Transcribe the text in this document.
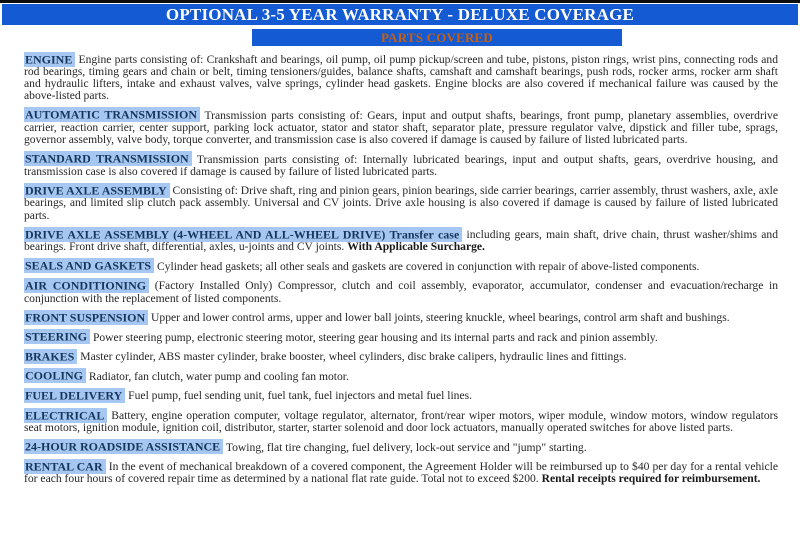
OPTIONAL 3-5 YEAR WARRANTY - DELUXE COVERAGE
PARTS COVERED

ENGINE Engine parts consisting of: Crankshaft and bearings, oil pump, oil pump pickup/screen and tube, pistons, piston rings, wrist pins, connecting rods and rod bearings, timing gears and chain or belt, timing tensioners/guides, balance shafts, camshaft and camshaft bearings, push rods, rocker arms, rocker arm shaft and hydraulic lifters, intake and exhaust valves, valve springs, cylinder head gaskets. Engine blocks are also covered if mechanical failure was caused by the above-listed parts.

AUTOMATIC TRANSMISSION Transmission parts consisting of: Gears, input and output shafts, bearings, front pump, planetary assemblies, overdrive carrier, reaction carrier, center support, parking lock actuator, stator and stator shaft, separator plate, pressure regulator valve, dipstick and filler tube, sprags, governor assembly, valve body, torque converter, and transmission case is also covered if damage is caused by failure of listed lubricated parts.

STANDARD TRANSMISSION Transmission parts consisting of: Internally lubricated bearings, input and output shafts, gears, overdrive housing, and transmission case is also covered if damage is caused by failure of listed lubricated parts.

DRIVE AXLE ASSEMBLY Consisting of: Drive shaft, ring and pinion gears, pinion bearings, side carrier bearings, carrier assembly, thrust washers, axle, axle bearings, and limited slip clutch pack assembly. Universal and CV joints. Drive axle housing is also covered if damage is caused by failure of listed lubricated parts.

DRIVE AXLE ASSEMBLY (4-WHEEL AND ALL-WHEEL DRIVE) Transfer case including gears, main shaft, drive chain, thrust washer/shims and bearings. Front drive shaft, differential, axles, u-joints and CV joints. With Applicable Surcharge.

SEALS AND GASKETS Cylinder head gaskets; all other seals and gaskets are covered in conjunction with repair of above-listed components.

AIR CONDITIONING (Factory Installed Only) Compressor, clutch and coil assembly, evaporator, accumulator, condenser and evacuation/recharge in conjunction with the replacement of listed components.

FRONT SUSPENSION Upper and lower control arms, upper and lower ball joints, steering knuckle, wheel bearings, control arm shaft and bushings.

STEERING Power steering pump, electronic steering motor, steering gear housing and its internal parts and rack and pinion assembly.

BRAKES Master cylinder, ABS master cylinder, brake booster, wheel cylinders, disc brake calipers, hydraulic lines and fittings.

COOLING Radiator, fan clutch, water pump and cooling fan motor.

FUEL DELIVERY Fuel pump, fuel sending unit, fuel tank, fuel injectors and metal fuel lines.

ELECTRICAL Battery, engine operation computer, voltage regulator, alternator, front/rear wiper motors, wiper module, window motors, window regulators seat motors, ignition module, ignition coil, distributor, starter, starter solenoid and door lock actuators, manually operated switches for above listed parts.

24-HOUR ROADSIDE ASSISTANCE Towing, flat tire changing, fuel delivery, lock-out service and "jump" starting.

RENTAL CAR In the event of mechanical breakdown of a covered component, the Agreement Holder will be reimbursed up to $40 per day for a rental vehicle for each four hours of covered repair time as determined by a national flat rate guide. Total not to exceed $200. Rental receipts required for reimbursement.
